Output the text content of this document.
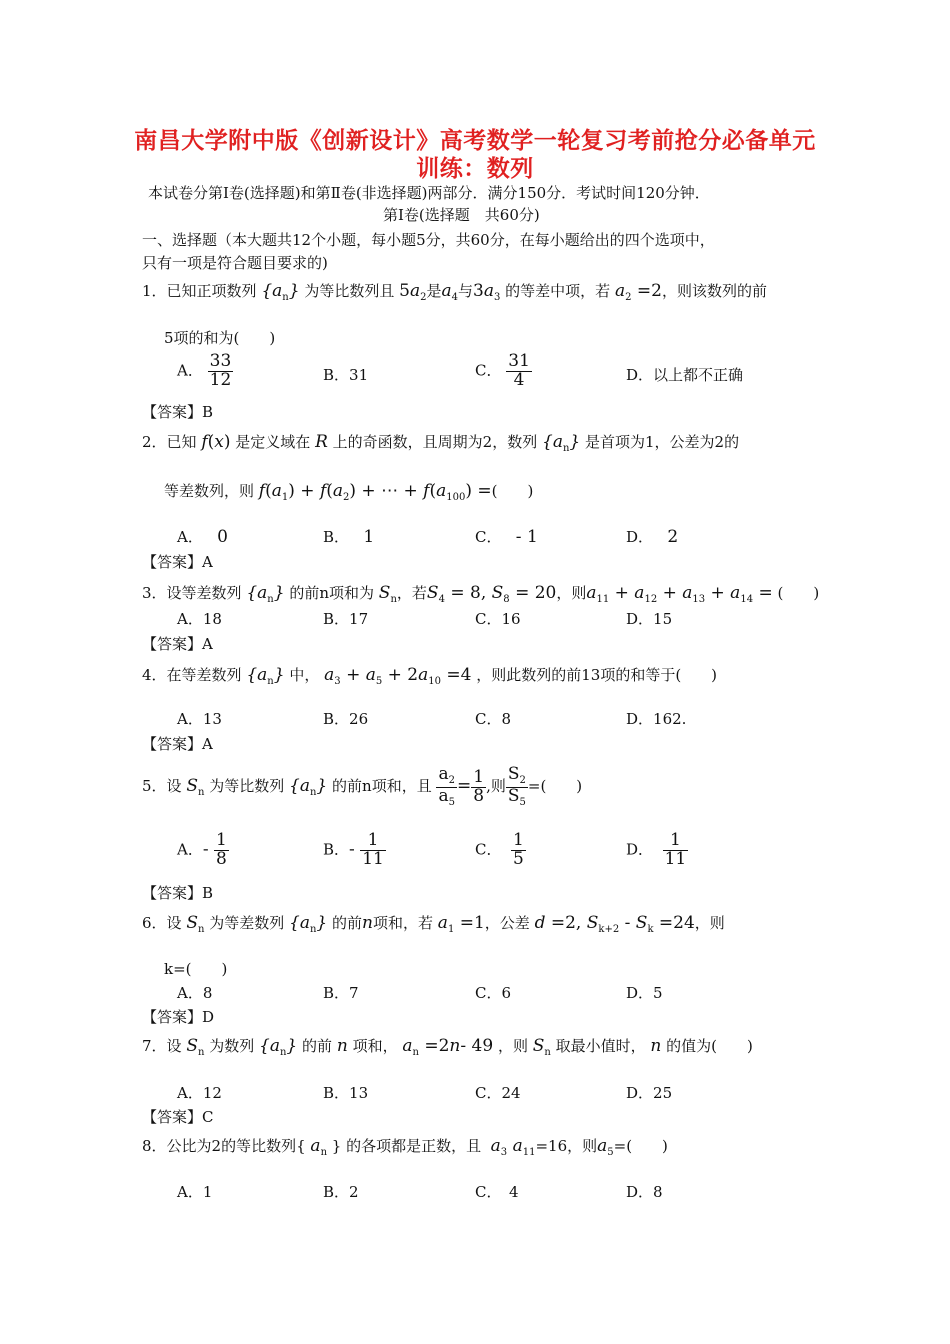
南昌大学附中版《创新设计》高考数学一轮复习考前抢分必备单元
训练：数列
本试卷分第Ⅰ卷(选择题)和第Ⅱ卷(非选择题)两部分．满分150分．考试时间120分钟．
第Ⅰ卷(选择题　共60分)
一、选择题（本大题共12个小题，每小题5分，共60分，在每小题给出的四个选项中，
只有一项是符合题目要求的)
1．已知正项数列 $\{a_n\}$ 为等比数列且 $5a_2$是$a_4$与$3a_3$ 的等差中项，若 $a_2 =2$，则该数列的前
5项的和为(　　)
A． $\frac{33}{12}$	B．31	C． $\frac{31}{4}$	D．以上都不正确
【答案】B
2．已知 f(x) 是定义域在 R 上的奇函数，且周期为2，数列 $\{a_n\}$ 是首项为1，公差为2的
等差数列，则 $f(a_1) + f(a_2)$ + ⋯ + $f(a_{100})$ =(　　)
A． 0	B． 1	C． - 1	D． 2
【答案】A
3．设等差数列 $\{a_n\}$ 的前n项和为 $S_n$，若$S_4 = 8$, $S_8 = 20$，则$a_{11} + a_{12} + a_{13} + a_{14}$ = (　　)
A．18	B．17	C．16	D．15
【答案】A
4．在等差数列 $\{a_n\}$ 中， $a_3 + a_5 + 2a_{10} =4$ ，则此数列的前13项的和等于(　　)
A．13	B．26	C．8	D．162.
【答案】A
5．设 $S_n$ 为等比数列 $\{a_n\}$ 的前n项和，且 $\frac{a_2}{a_5} = \frac{1}{8}$ ,则 $\frac{S_2}{S_5}$ =(　　)
A．- $\frac{1}{8}$	B．- $\frac{1}{11}$	C． $\frac{1}{5}$	D． $\frac{1}{11}$
【答案】B
6．设 $S_n$ 为等差数列 $\{a_n\}$ 的前n项和，若 $a_1 =1$，公差 d =2, $S_{k+2} - S_k =24$，则
k=(　　)
A．8	B．7	C．6	D．5
【答案】D
7．设 $S_n$ 为数列 $\{a_n\}$ 的前 n 项和， $a_n =2n-$ 49 ，则 $S_n$ 取最小值时， n 的值为(　　)
A．12	B．13	C．24	D．25
【答案】C
8．公比为2的等比数列{ $a_n$ } 的各项都是正数，且 $a_3$ $a_{11}=16$，则$a_5=$(　　)
A．1	B．2	C．　4	D．8
